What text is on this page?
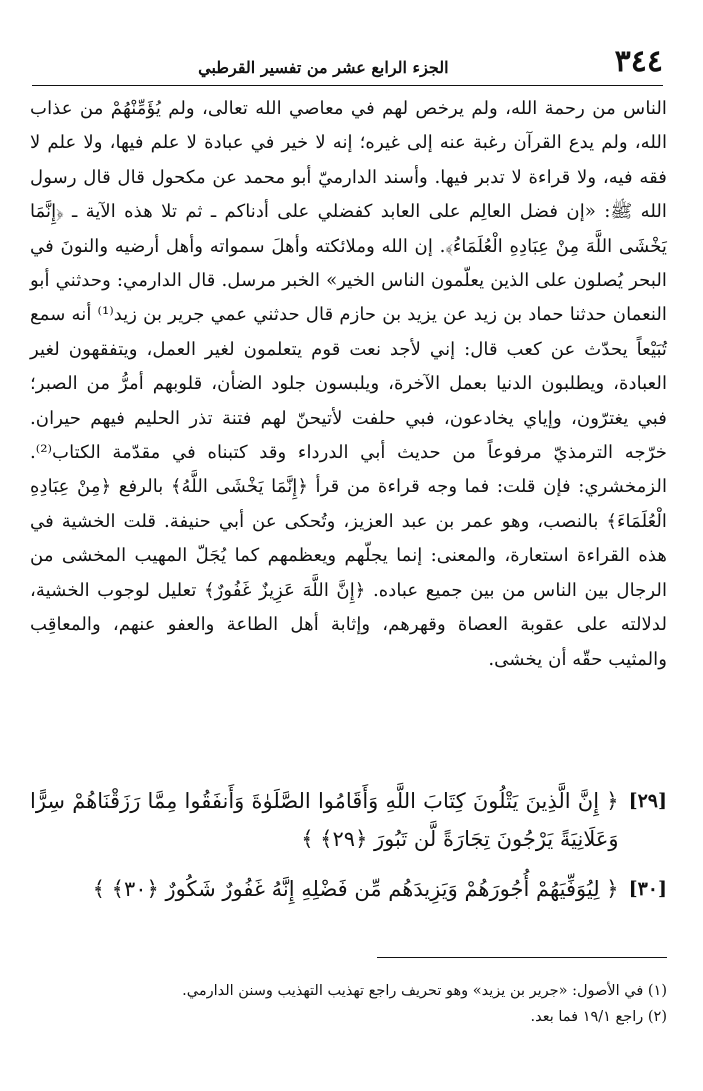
٣٤٤
الجزء الرابع عشر من تفسير القرطبي

الناس من رحمة الله، ولم يرخص لهم في معاصي الله تعالى، ولم يُؤَمِّنْهُمْ من عذاب الله، ولم يدع القرآن رغبة عنه إلى غيره؛ إنه لا خير في عبادة لا علم فيها، ولا علم لا فقه فيه، ولا قراءة لا تدبر فيها. وأسند الدارميّ أبو محمد عن مكحول قال قال رسول الله ﷺ: «إن فضل العالِم على العابد كفضلي على أدناكم ـ ثم تلا هذه الآية ـ ﴿إِنَّمَا يَخْشَى اللَّهَ مِنْ عِبَادِهِ الْعُلَمَاءُ﴾. إن الله وملائكته وأهلَ سمواته وأهل أرضيه والنونَ في البحر يُصلون على الذين يعلّمون الناس الخير» الخبر مرسل. قال الدارمي: وحدثني أبو النعمان حدثنا حماد بن زيد عن يزيد بن حازم قال حدثني عمي جرير بن زيد⁽¹⁾ أنه سمع تُبَيْعاً يحدّث عن كعب قال: إني لأجد نعت قوم يتعلمون لغير العمل، ويتفقهون لغير العبادة، ويطلبون الدنيا بعمل الآخرة، ويلبسون جلود الضأن، قلوبهم أمرُّ من الصبر؛ فبي يغترّون، وإياي يخادعون، فبي حلفت لأتيحنّ لهم فتنة تذر الحليم فيهم حيران. خرّجه الترمذيّ مرفوعاً من حديث أبي الدرداء وقد كتبناه في مقدّمة الكتاب⁽²⁾. الزمخشري: فإن قلت: فما وجه قراءة من قرأ ﴿إِنَّمَا يَخْشَى اللَّهُ﴾ بالرفع ﴿مِنْ عِبَادِهِ الْعُلَمَاءَ﴾ بالنصب، وهو عمر بن عبد العزيز، وتُحكى عن أبي حنيفة. قلت الخشية في هذه القراءة استعارة، والمعنى: إنما يجلّهم ويعظمهم كما يُجَلّ المهيب المخشى من الرجال بين الناس من بين جميع عباده. ﴿إِنَّ اللَّهَ عَزِيزٌ غَفُورٌ﴾ تعليل لوجوب الخشية، لدلالته على عقوبة العصاة وقهرهم، وإثابة أهل الطاعة والعفو عنهم، والمعاقِب والمثيب حقّه أن يخشى.

[٢٩]
﴿ إِنَّ الَّذِينَ يَتْلُونَ كِتَابَ اللَّهِ وَأَقَامُوا الصَّلَوٰةَ وَأَنفَقُوا مِمَّا رَزَقْنَاهُمْ سِرًّا وَعَلَانِيَةً يَرْجُونَ تِجَارَةً لَّن تَبُورَ ﴿٢٩﴾ ﴾
[٣٠]
﴿ لِيُوَفِّيَهُمْ أُجُورَهُمْ وَيَزِيدَهُم مِّن فَضْلِهِ إِنَّهُ غَفُورٌ شَكُورٌ ﴿٣٠﴾ ﴾

(١) في الأصول: «جرير بن يزيد» وهو تحريف راجع تهذيب التهذيب وسنن الدارمي.

(٢) راجع ١٩/١ فما بعد.
